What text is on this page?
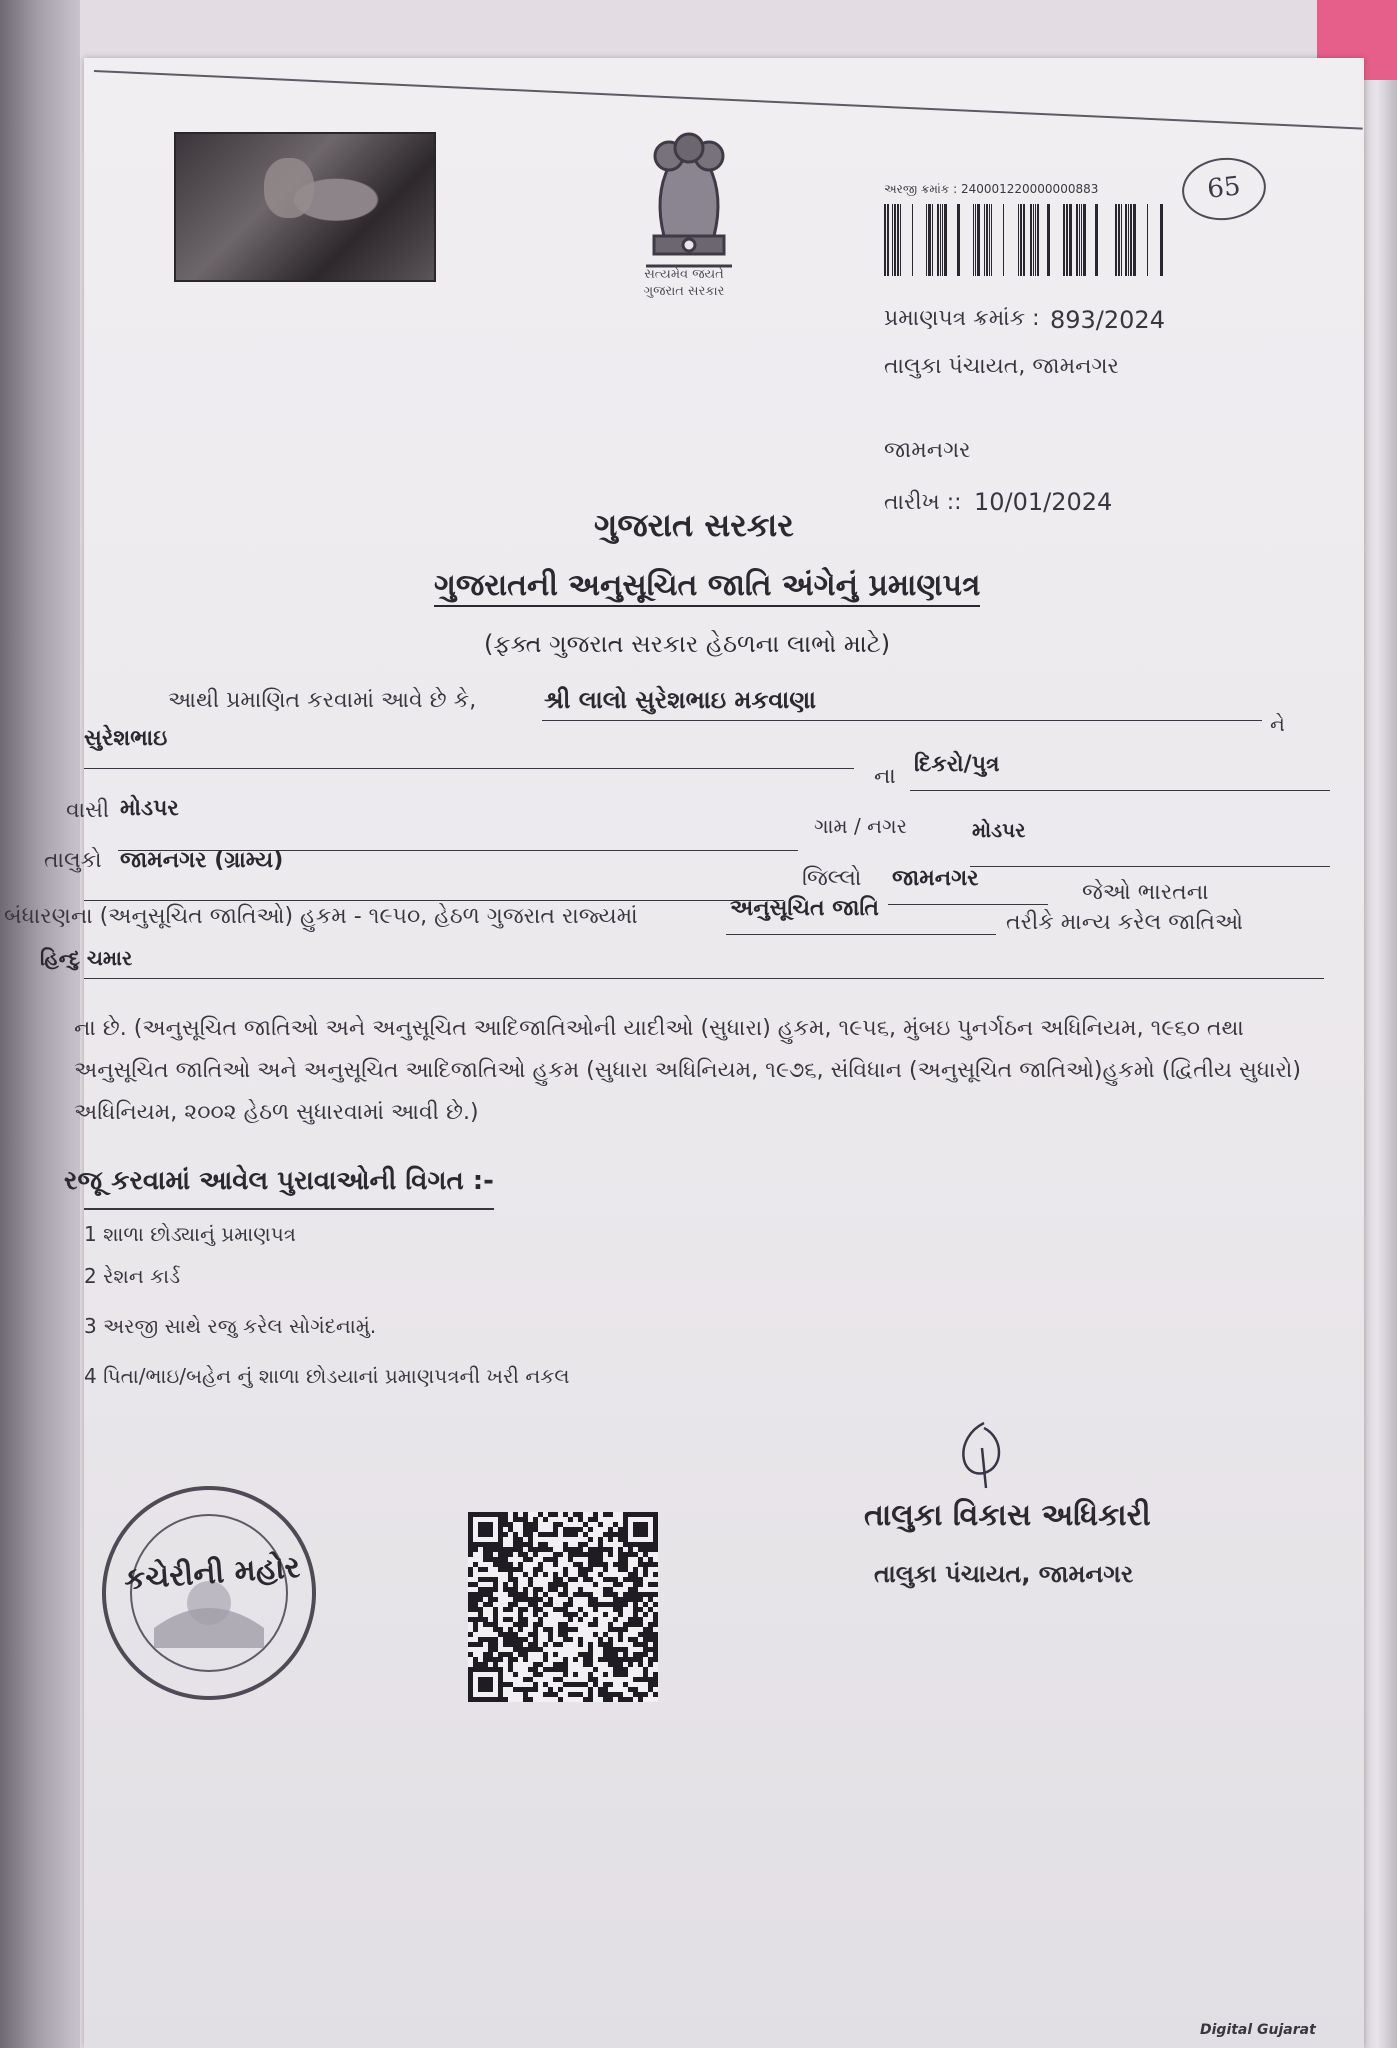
સત્યમેવ જયતે
ગુજરાત સરકાર
અરજી ક્રમાંક : 240001220000000883	65
પ્રમાણપત્ર ક્રમાંક : 893/2024
તાલુકા પંચાયત, જામનગર
જામનગર
તારીખ :: 10/01/2024
ગુજરાત સરકાર
ગુજરાતની અનુસૂચિત જાતિ અંગેનું પ્રમાણપત્ર
(ફક્ત ગુજરાત સરકાર હેઠળના લાભો માટે)
આથી પ્રમાણિત કરવામાં આવે છે કે,	શ્રી લાલો સુરેશભાઇ મકવાણા
ને
સુરેશભાઇ
ના દિકરો/પુત્ર
વાસી મોડપર
ગામ / નગર	મોડપર
તાલુકો જામનગર (ગ્રામ્ય)
જિલ્લો જામનગર
જેઓ ભારતના
બંધારણના (અનુસૂચિત જાતિઓ) હુકમ - ૧૯૫૦, હેઠળ ગુજરાત રાજ્યમાં	અનુસૂચિત જાતિ
તરીકે માન્ય કરેલ જાતિઓ
હિન્દુ ચમાર
ના છે. (અનુસૂચિત જાતિઓ અને અનુસૂચિત આદિજાતિઓની યાદીઓ (સુધારા) હુકમ, ૧૯૫૬, મુંબઇ પુનર્ગઠન અધિનિયમ, ૧૯૬૦ તથા
અનુસૂચિત જાતિઓ અને અનુસૂચિત આદિજાતિઓ હુકમ (સુધારા અધિનિયમ, ૧૯૭૬, સંવિધાન (અનુસૂચિત જાતિઓ)હુકમો (દ્વિતીય સુધારો)
અધિનિયમ, ૨૦૦૨ હેઠળ સુધારવામાં આવી છે.)
રજૂ કરવામાં આવેલ પુરાવાઓની વિગત :-
1 શાળા છોડ્યાનું પ્રમાણપત્ર
2 રેશન કાર્ડ
3 અરજી સાથે રજુ કરેલ સોગંદનામું.
4 પિતા/ભાઇ/બહેન નું શાળા છોડયાનાં પ્રમાણપત્રની ખરી નકલ
કચેરીની મહોર
તાલુકા વિકાસ અધિકારી
તાલુકા પંચાયત, જામનગર
Digital Gujarat
